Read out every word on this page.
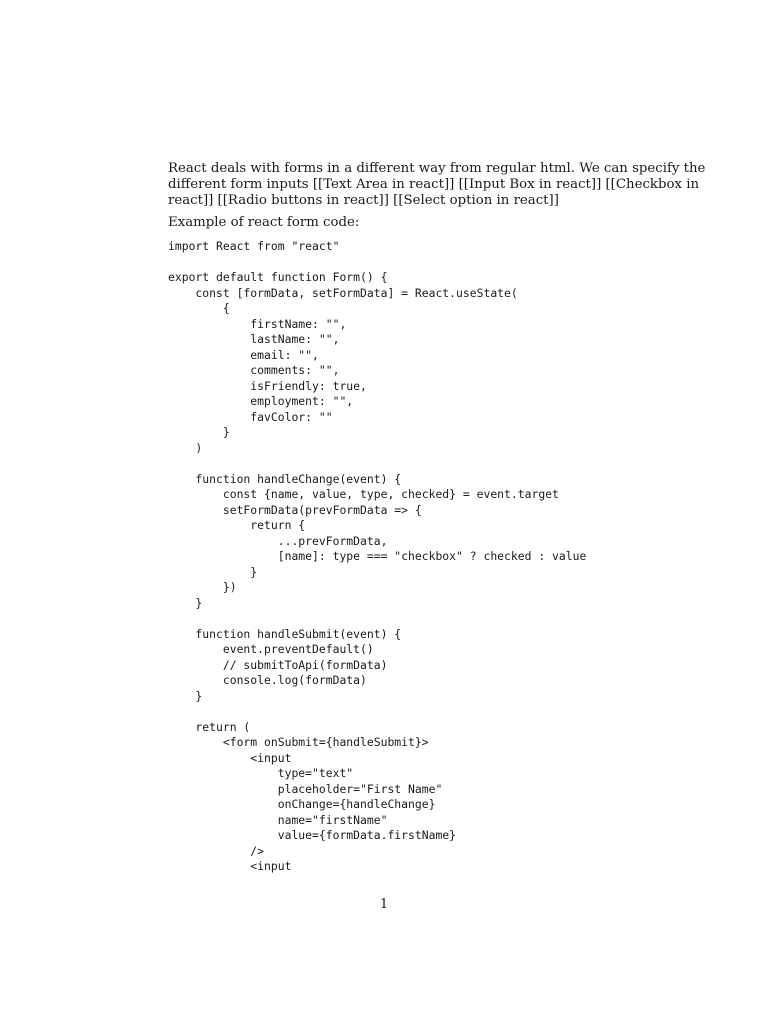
React deals with forms in a different way from regular html. We can specify the
different form inputs [[Text Area in react]] [[Input Box in react]] [[Checkbox in
react]] [[Radio buttons in react]] [[Select option in react]]
Example of react form code:
import React from "react"
export default function Form() {
const [formData, setFormData] = React.useState(
{
firstName: "",
lastName: "",
email: "",
comments: "",
isFriendly: true,
employment: "",
favColor: ""
}
)
function handleChange(event) {
const {name, value, type, checked} = event.target
setFormData(prevFormData => {
return {
...prevFormData,
[name]: type === "checkbox" ? checked : value
}
})
}
function handleSubmit(event) {
event.preventDefault()
// submitToApi(formData)
console.log(formData)
}
return (
<form onSubmit={handleSubmit}>
<input
type="text"
placeholder="First Name"
onChange={handleChange}
name="firstName"
value={formData.firstName}
/>
<input
1
